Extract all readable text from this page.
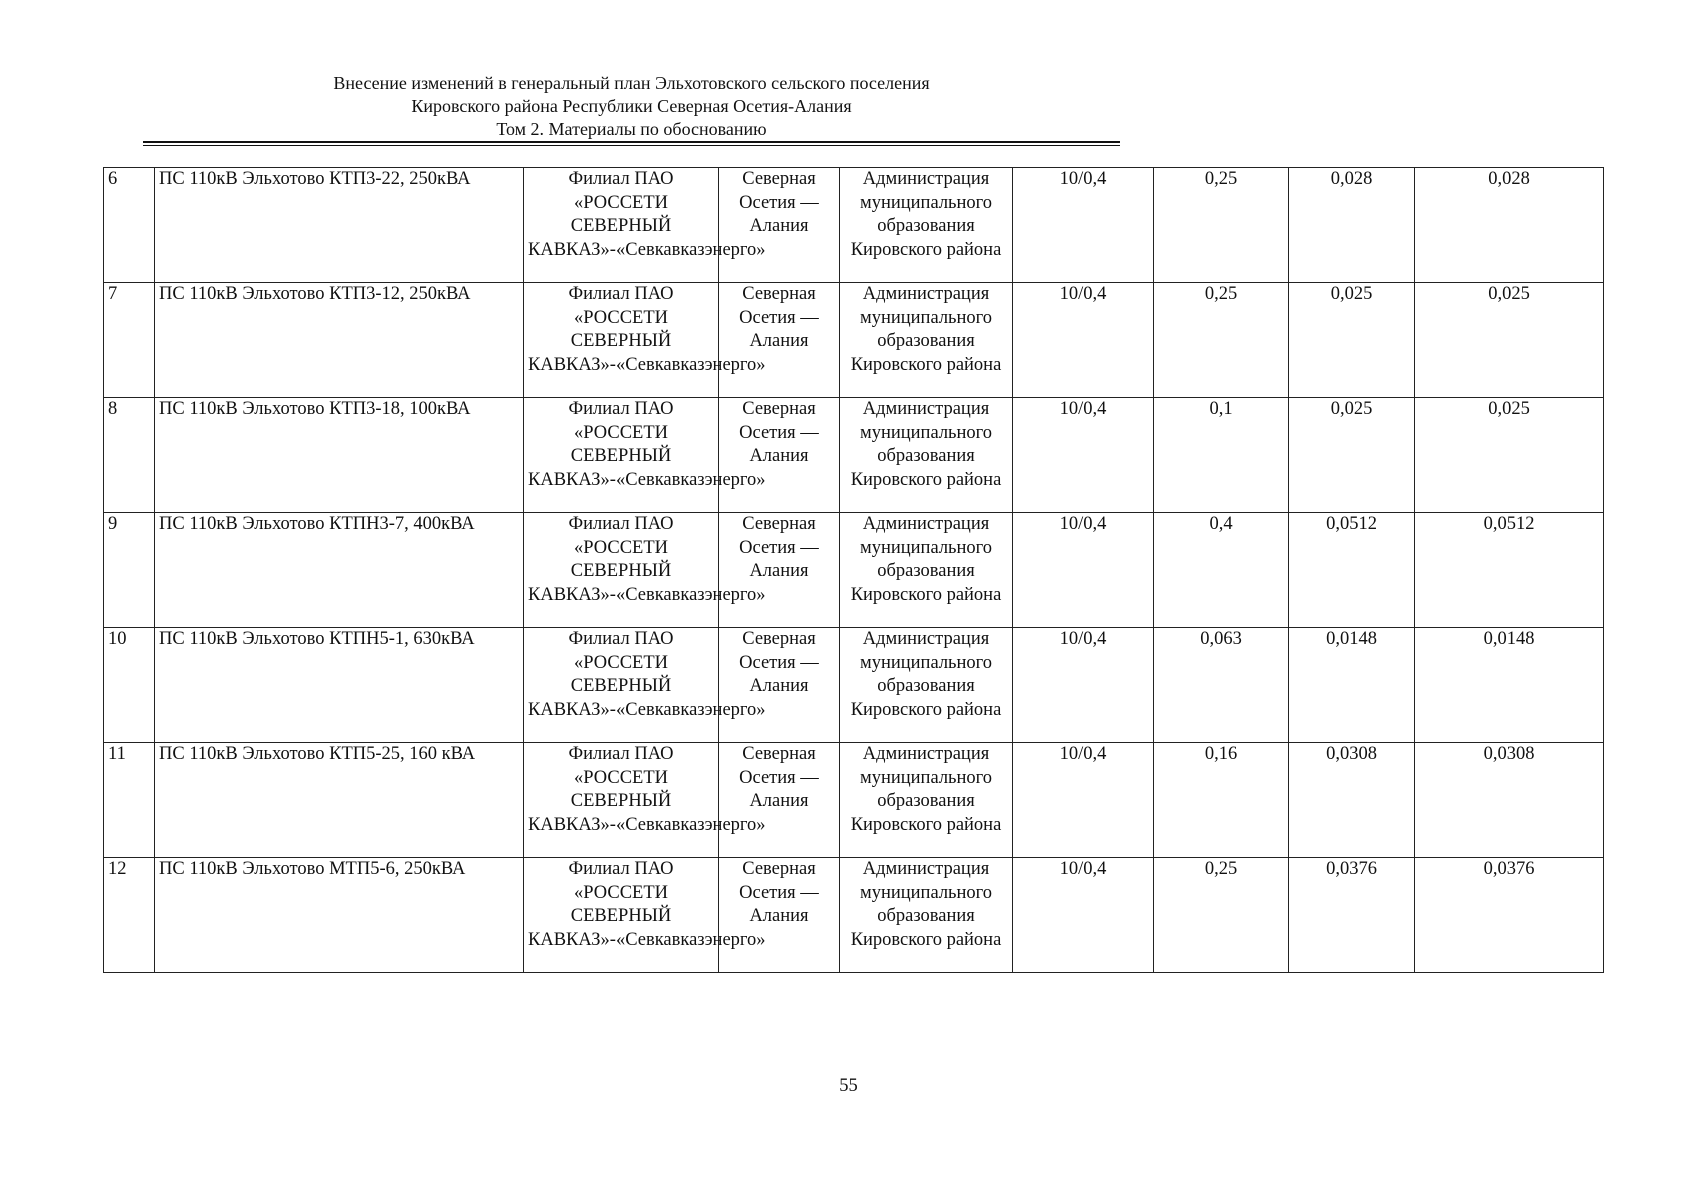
Внесение изменений в генеральный план Эльхотовского сельского поселения
Кировского района Республики Северная Осетия-Алания
Том 2. Материалы по обоснованию
6	ПС 110кВ Эльхотово КТП3-22, 250кВА	Филиал ПАО «РОССЕТИ СЕВЕРНЫЙ КАВКАЗ»-«Севкавказэнерго»	Северная Осетия — Алания	Администрация муниципального образования Кировского района	10/0,4	0,25	0,028	0,028
7	ПС 110кВ Эльхотово КТП3-12, 250кВА	Филиал ПАО «РОССЕТИ СЕВЕРНЫЙ КАВКАЗ»-«Севкавказэнерго»	Северная Осетия — Алания	Администрация муниципального образования Кировского района	10/0,4	0,25	0,025	0,025
8	ПС 110кВ Эльхотово КТП3-18, 100кВА	Филиал ПАО «РОССЕТИ СЕВЕРНЫЙ КАВКАЗ»-«Севкавказэнерго»	Северная Осетия — Алания	Администрация муниципального образования Кировского района	10/0,4	0,1	0,025	0,025
9	ПС 110кВ Эльхотово КТПН3-7, 400кВА	Филиал ПАО «РОССЕТИ СЕВЕРНЫЙ КАВКАЗ»-«Севкавказэнерго»	Северная Осетия — Алания	Администрация муниципального образования Кировского района	10/0,4	0,4	0,0512	0,0512
10	ПС 110кВ Эльхотово КТПН5-1, 630кВА	Филиал ПАО «РОССЕТИ СЕВЕРНЫЙ КАВКАЗ»-«Севкавказэнерго»	Северная Осетия — Алания	Администрация муниципального образования Кировского района	10/0,4	0,063	0,0148	0,0148
11	ПС 110кВ Эльхотово КТП5-25, 160 кВА	Филиал ПАО «РОССЕТИ СЕВЕРНЫЙ КАВКАЗ»-«Севкавказэнерго»	Северная Осетия — Алания	Администрация муниципального образования Кировского района	10/0,4	0,16	0,0308	0,0308
12	ПС 110кВ Эльхотово МТП5-6, 250кВА	Филиал ПАО «РОССЕТИ СЕВЕРНЫЙ КАВКАЗ»-«Севкавказэнерго»	Северная Осетия — Алания	Администрация муниципального образования Кировского района	10/0,4	0,25	0,0376	0,0376
55
